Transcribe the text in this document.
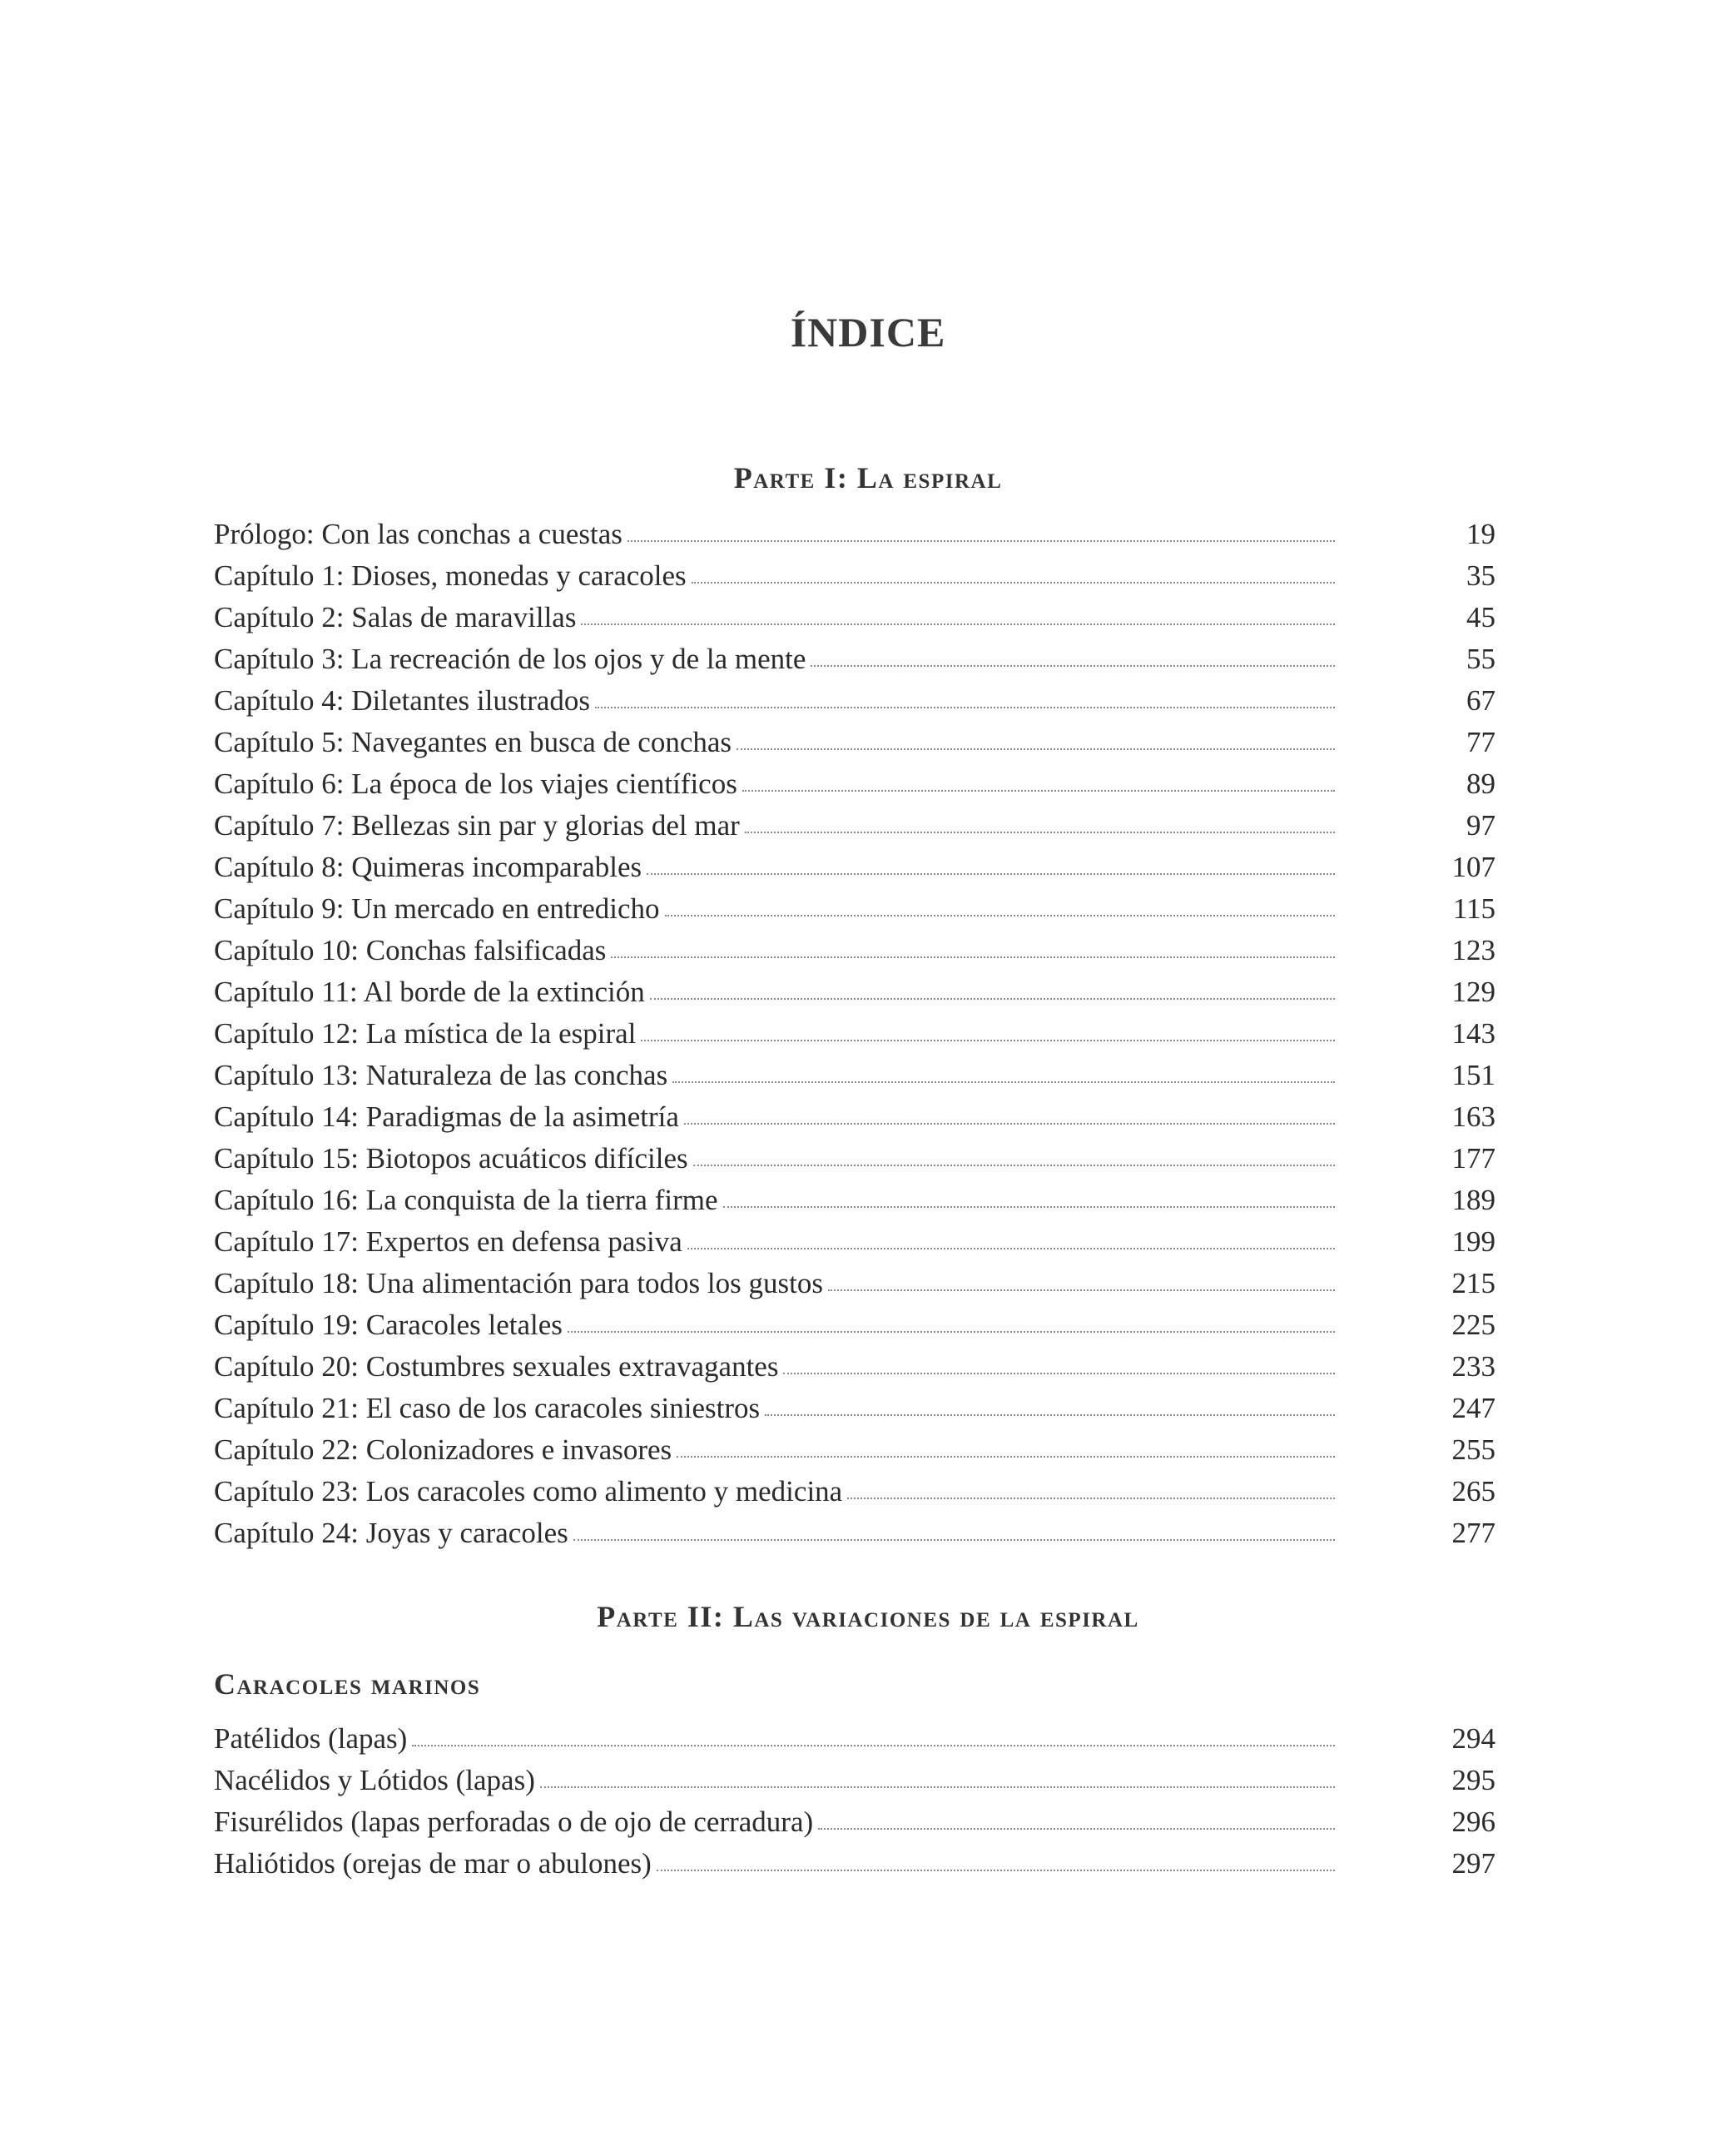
ÍNDICE
Parte I: La espiral
Prólogo: Con las conchas a cuestas	19
Capítulo 1: Dioses, monedas y caracoles	35
Capítulo 2: Salas de maravillas	45
Capítulo 3: La recreación de los ojos y de la mente	55
Capítulo 4: Diletantes ilustrados	67
Capítulo 5: Navegantes en busca de conchas	77
Capítulo 6: La época de los viajes científicos	89
Capítulo 7: Bellezas sin par y glorias del mar	97
Capítulo 8: Quimeras incomparables	107
Capítulo 9: Un mercado en entredicho	115
Capítulo 10: Conchas falsificadas	123
Capítulo 11: Al borde de la extinción	129
Capítulo 12: La mística de la espiral	143
Capítulo 13: Naturaleza de las conchas	151
Capítulo 14: Paradigmas de la asimetría	163
Capítulo 15: Biotopos acuáticos difíciles	177
Capítulo 16: La conquista de la tierra firme	189
Capítulo 17: Expertos en defensa pasiva	199
Capítulo 18: Una alimentación para todos los gustos	215
Capítulo 19: Caracoles letales	225
Capítulo 20: Costumbres sexuales extravagantes	233
Capítulo 21: El caso de los caracoles siniestros	247
Capítulo 22: Colonizadores e invasores	255
Capítulo 23: Los caracoles como alimento y medicina	265
Capítulo 24: Joyas y caracoles	277
Parte II: Las variaciones de la espiral
Caracoles marinos
Patélidos (lapas)	294
Nacélidos y Lótidos (lapas)	295
Fisurélidos (lapas perforadas o de ojo de cerradura)	296
Haliótidos (orejas de mar o abulones)	297
